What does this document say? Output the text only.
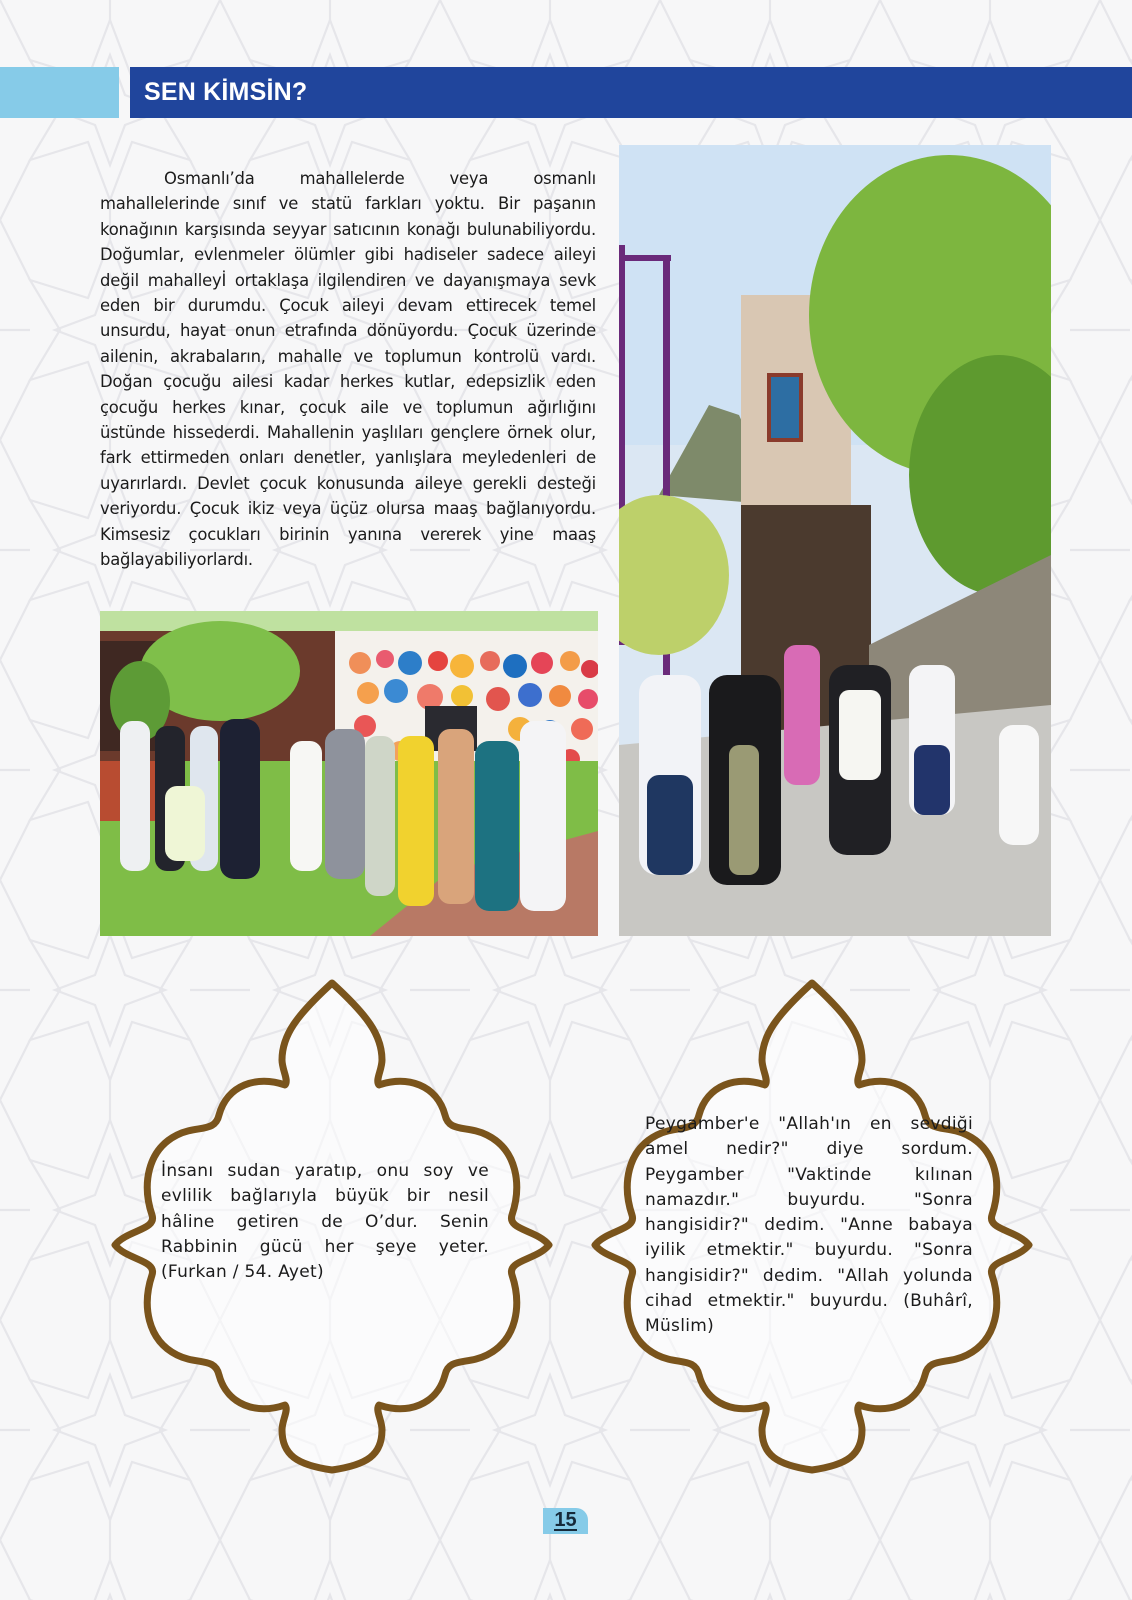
SEN KİMSİN?
Osmanlı’da mahallelerde veya osmanlı mahallelerinde sınıf ve statü farkları yoktu. Bir paşanın konağının karşısında seyyar satıcının konağı bulunabiliyordu. Doğumlar, evlenmeler ölümler gibi hadiseler sadece aileyi değil mahalleyİ ortaklaşa ilgilendiren ve dayanışmaya sevk eden bir durumdu. Çocuk aileyi devam ettirecek temel unsurdu, hayat onun etrafında dönüyordu. Çocuk üzerinde ailenin, akrabaların, mahalle ve toplumun kontrolü vardı. Doğan çocuğu ailesi kadar herkes kutlar, edepsizlik eden çocuğu herkes kınar, çocuk aile ve toplumun ağırlığını üstünde hissederdi. Mahallenin yaşlıları gençlere örnek olur, fark ettirmeden onları denetler, yanlışlara meyledenleri de uyarırlardı. Devlet çocuk konusunda aileye gerekli desteği veriyordu. Çocuk ikiz veya üçüz olursa maaş bağlanıyordu. Kimsesiz çocukları birinin yanına vererek yine maaş bağlayabiliyorlardı.
İnsanı sudan yaratıp, onu soy ve evlilik bağlarıyla büyük bir nesil hâline getiren de O’dur. Senin Rabbinin gücü her şeye yeter. (Furkan / 54. Ayet)
Peygamber'e "Allah'ın en sevdiği amel nedir?" diye sordum. Peygamber "Vaktinde kılınan namazdır." buyurdu. "Sonra hangisidir?" dedim. "Anne babaya iyilik etmektir." buyurdu. "Sonra hangisidir?" dedim. "Allah yolunda cihad etmektir." buyurdu. (Buhârî, Müslim)
15
